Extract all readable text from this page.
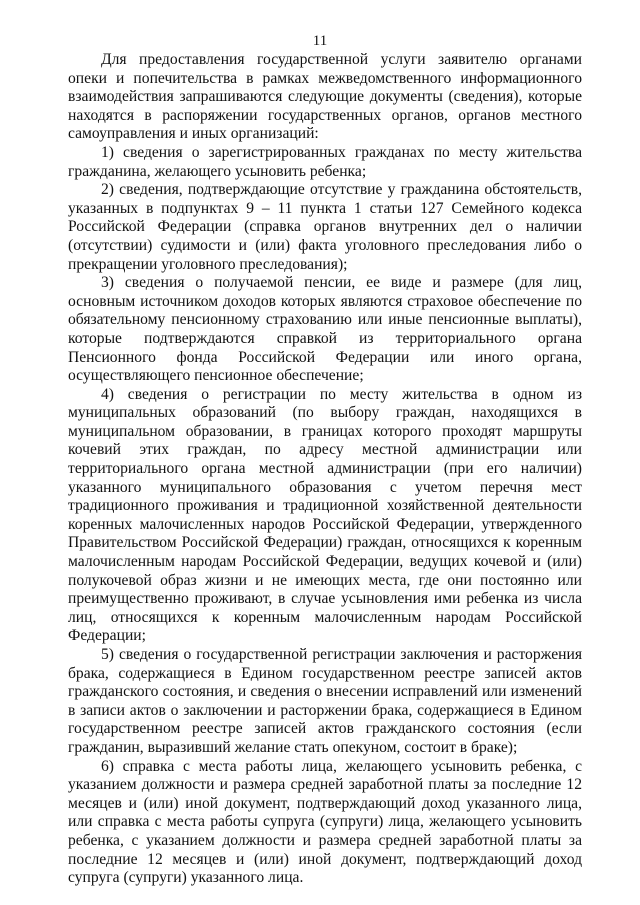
11

Для предоставления государственной услуги заявителю органами опеки и попечительства в рамках межведомственного информационного взаимодействия запрашиваются следующие документы (сведения), которые находятся в распоряжении государственных органов, органов местного самоуправления и иных организаций:

1) сведения о зарегистрированных гражданах по месту жительства гражданина, желающего усыновить ребенка;

2) сведения, подтверждающие отсутствие у гражданина обстоятельств, указанных в подпунктах 9 – 11 пункта 1 статьи 127 Семейного кодекса Российской Федерации (справка органов внутренних дел о наличии (отсутствии) судимости и (или) факта уголовного преследования либо о прекращении уголовного преследования);

3) сведения о получаемой пенсии, ее виде и размере (для лиц, основным источником доходов которых являются страховое обеспечение по обязательному пенсионному страхованию или иные пенсионные выплаты), которые подтверждаются справкой из территориального органа Пенсионного фонда Российской Федерации или иного органа, осуществляющего пенсионное обеспечение;

4) сведения о регистрации по месту жительства в одном из муниципальных образований (по выбору граждан, находящихся в муниципальном образовании, в границах которого проходят маршруты кочевий этих граждан, по адресу местной администрации или территориального органа местной администрации (при его наличии) указанного муниципального образования с учетом перечня мест традиционного проживания и традиционной хозяйственной деятельности коренных малочисленных народов Российской Федерации, утвержденного Правительством Российской Федерации) граждан, относящихся к коренным малочисленным народам Российской Федерации, ведущих кочевой и (или) полукочевой образ жизни и не имеющих места, где они постоянно или преимущественно проживают, в случае усыновления ими ребенка из числа лиц, относящихся к коренным малочисленным народам Российской Федерации;

5) сведения о государственной регистрации заключения и расторжения брака, содержащиеся в Едином государственном реестре записей актов гражданского состояния, и сведения о внесении исправлений или изменений в записи актов о заключении и расторжении брака, содержащиеся в Едином государственном реестре записей актов гражданского состояния (если гражданин, выразивший желание стать опекуном, состоит в браке);

6) справка с места работы лица, желающего усыновить ребенка, с указанием должности и размера средней заработной платы за последние 12 месяцев и (или) иной документ, подтверждающий доход указанного лица, или справка с места работы супруга (супруги) лица, желающего усыновить ребенка, с указанием должности и размера средней заработной платы за последние 12 месяцев и (или) иной документ, подтверждающий доход супруга (супруги) указанного лица.
